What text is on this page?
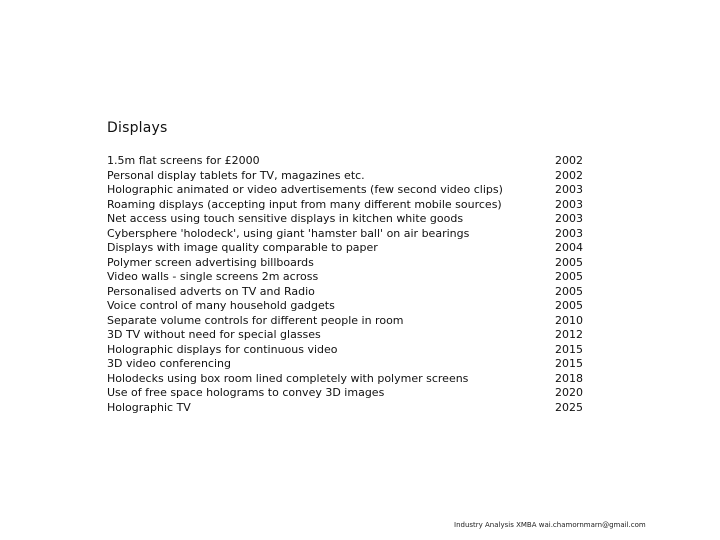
Displays
1.5m flat screens for £2000	2002
Personal display tablets for TV, magazines etc.	2002
Holographic animated or video advertisements (few second video clips)	2003
Roaming displays (accepting input from many different mobile sources)	2003
Net access using touch sensitive displays in kitchen white goods	2003
Cybersphere 'holodeck', using giant 'hamster ball' on air bearings	2003
Displays with image quality comparable to paper	2004
Polymer screen advertising billboards	2005
Video walls - single screens 2m across	2005
Personalised adverts on TV and Radio	2005
Voice control of many household gadgets	2005
Separate volume controls for different people in room	2010
3D TV without need for special glasses	2012
Holographic displays for continuous video	2015
3D video conferencing	2015
Holodecks using box room lined completely with polymer screens	2018
Use of free space holograms to convey 3D images	2020
Holographic TV	2025
Industry Analysis XMBA wai.chamornmarn@gmail.com
